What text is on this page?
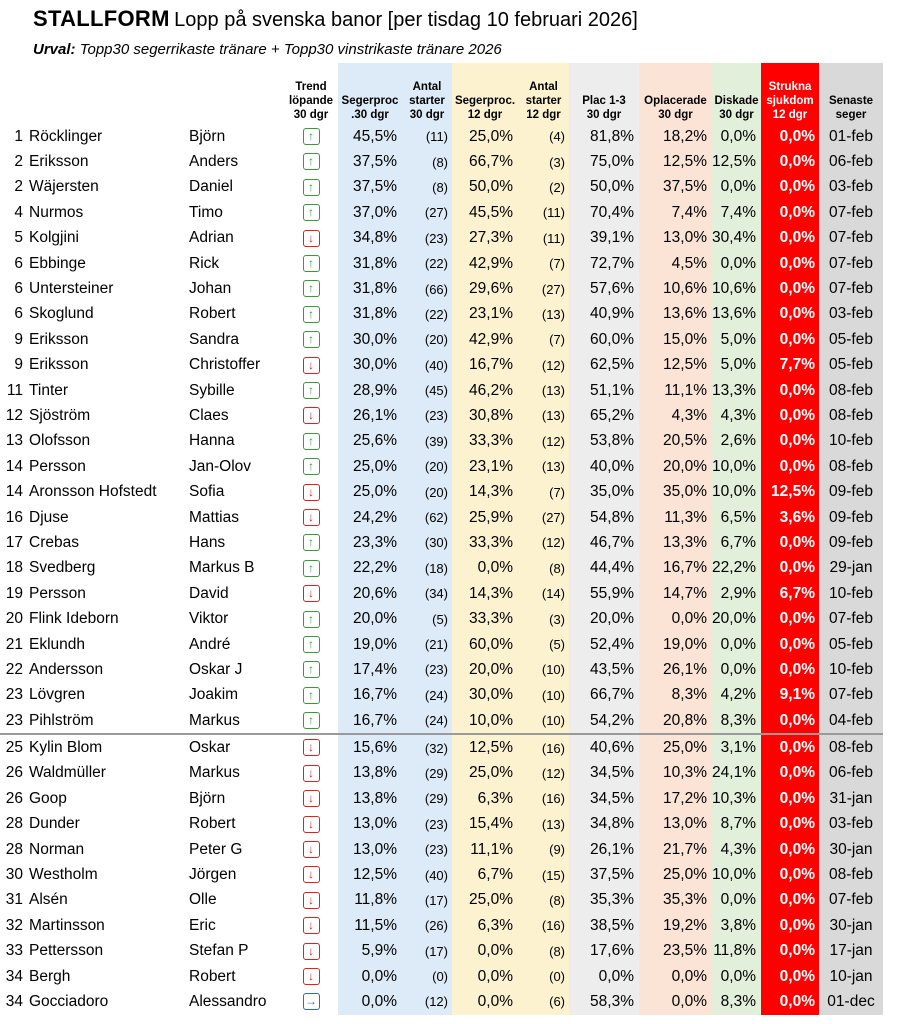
STALLFORM Lopp på svenska banor [per tisdag 10 februari 2026]
Urval: Topp30 segerrikaste tränare + Topp30 vinstrikaste tränare 2026
			Trend
löpande
30 dgr	Segerproc
.30 dgr	Antal
starter
30 dgr	Segerproc.
12 dgr	Antal
starter
12 dgr	Plac 1-3
30 dgr	Oplacerade
30 dgr	Diskade
30 dgr	Strukna
sjukdom
12 dgr	Senaste
seger
1	Röcklinger	Björn	↑	45,5%	(11)	25,0%	(4)	81,8%	18,2%	0,0%	0,0%	01-feb
2	Eriksson	Anders	↑	37,5%	(8)	66,7%	(3)	75,0%	12,5%	12,5%	0,0%	06-feb
2	Wäjersten	Daniel	↑	37,5%	(8)	50,0%	(2)	50,0%	37,5%	0,0%	0,0%	03-feb
4	Nurmos	Timo	↑	37,0%	(27)	45,5%	(11)	70,4%	7,4%	7,4%	0,0%	07-feb
5	Kolgjini	Adrian	↓	34,8%	(23)	27,3%	(11)	39,1%	13,0%	30,4%	0,0%	07-feb
6	Ebbinge	Rick	↑	31,8%	(22)	42,9%	(7)	72,7%	4,5%	0,0%	0,0%	07-feb
6	Untersteiner	Johan	↑	31,8%	(66)	29,6%	(27)	57,6%	10,6%	10,6%	0,0%	07-feb
6	Skoglund	Robert	↑	31,8%	(22)	23,1%	(13)	40,9%	13,6%	13,6%	0,0%	03-feb
9	Eriksson	Sandra	↑	30,0%	(20)	42,9%	(7)	60,0%	15,0%	5,0%	0,0%	05-feb
9	Eriksson	Christoffer	↓	30,0%	(40)	16,7%	(12)	62,5%	12,5%	5,0%	7,7%	05-feb
11	Tinter	Sybille	↑	28,9%	(45)	46,2%	(13)	51,1%	11,1%	13,3%	0,0%	08-feb
12	Sjöström	Claes	↓	26,1%	(23)	30,8%	(13)	65,2%	4,3%	4,3%	0,0%	08-feb
13	Olofsson	Hanna	↑	25,6%	(39)	33,3%	(12)	53,8%	20,5%	2,6%	0,0%	10-feb
14	Persson	Jan-Olov	↑	25,0%	(20)	23,1%	(13)	40,0%	20,0%	10,0%	0,0%	08-feb
14	Aronsson Hofstedt	Sofia	↓	25,0%	(20)	14,3%	(7)	35,0%	35,0%	10,0%	12,5%	09-feb
16	Djuse	Mattias	↓	24,2%	(62)	25,9%	(27)	54,8%	11,3%	6,5%	3,6%	09-feb
17	Crebas	Hans	↑	23,3%	(30)	33,3%	(12)	46,7%	13,3%	6,7%	0,0%	09-feb
18	Svedberg	Markus B	↑	22,2%	(18)	0,0%	(8)	44,4%	16,7%	22,2%	0,0%	29-jan
19	Persson	David	↓	20,6%	(34)	14,3%	(14)	55,9%	14,7%	2,9%	6,7%	10-feb
20	Flink Ideborn	Viktor	↑	20,0%	(5)	33,3%	(3)	20,0%	0,0%	20,0%	0,0%	07-feb
21	Eklundh	André	↑	19,0%	(21)	60,0%	(5)	52,4%	19,0%	0,0%	0,0%	05-feb
22	Andersson	Oskar J	↑	17,4%	(23)	20,0%	(10)	43,5%	26,1%	0,0%	0,0%	10-feb
23	Lövgren	Joakim	↑	16,7%	(24)	30,0%	(10)	66,7%	8,3%	4,2%	9,1%	07-feb
23	Pihlström	Markus	↑	16,7%	(24)	10,0%	(10)	54,2%	20,8%	8,3%	0,0%	04-feb
25	Kylin Blom	Oskar	↓	15,6%	(32)	12,5%	(16)	40,6%	25,0%	3,1%	0,0%	08-feb
26	Waldmüller	Markus	↓	13,8%	(29)	25,0%	(12)	34,5%	10,3%	24,1%	0,0%	06-feb
26	Goop	Björn	↓	13,8%	(29)	6,3%	(16)	34,5%	17,2%	10,3%	0,0%	31-jan
28	Dunder	Robert	↓	13,0%	(23)	15,4%	(13)	34,8%	13,0%	8,7%	0,0%	03-feb
28	Norman	Peter G	↓	13,0%	(23)	11,1%	(9)	26,1%	21,7%	4,3%	0,0%	30-jan
30	Westholm	Jörgen	↓	12,5%	(40)	6,7%	(15)	37,5%	25,0%	10,0%	0,0%	08-feb
31	Alsén	Olle	↓	11,8%	(17)	25,0%	(8)	35,3%	35,3%	0,0%	0,0%	07-feb
32	Martinsson	Eric	↓	11,5%	(26)	6,3%	(16)	38,5%	19,2%	3,8%	0,0%	30-jan
33	Pettersson	Stefan P	↓	5,9%	(17)	0,0%	(8)	17,6%	23,5%	11,8%	0,0%	17-jan
34	Bergh	Robert	↓	0,0%	(0)	0,0%	(0)	0,0%	0,0%	0,0%	0,0%	10-jan
34	Gocciadoro	Alessandro	→	0,0%	(12)	0,0%	(6)	58,3%	0,0%	8,3%	0,0%	01-dec
